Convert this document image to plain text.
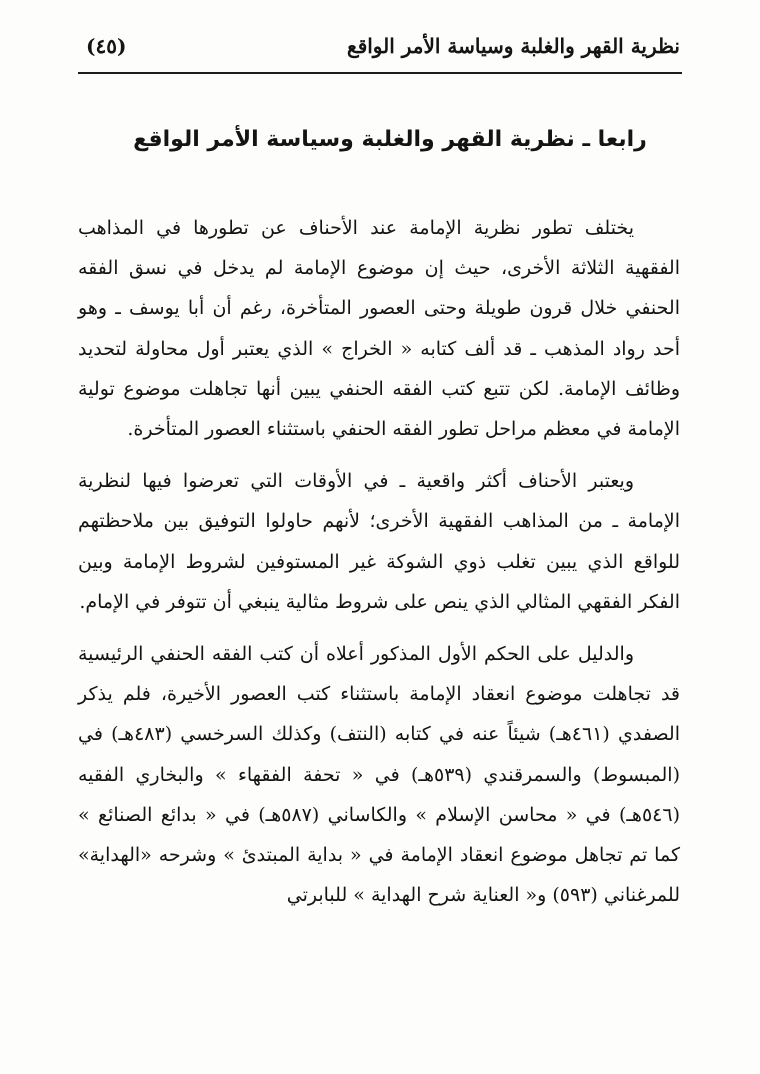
نظرية القهر والغلبة وسياسة الأمر الواقع
(٤٥)
رابعا ـ نظرية القهر والغلبة وسياسة الأمر الواقع

يختلف تطور نظرية الإمامة عند الأحناف عن تطورها في المذاهب الفقهية الثلاثة الأخرى، حيث إن موضوع الإمامة لم يدخل في نسق الفقه الحنفي خلال قرون طويلة وحتى العصور المتأخرة، رغم أن أبا يوسف ـ وهو أحد رواد المذهب ـ قد ألف كتابه « الخراج » الذي يعتبر أول محاولة لتحديد وظائف الإمامة. لكن تتبع كتب الفقه الحنفي يبين أنها تجاهلت موضوع تولية الإمامة في معظم مراحل تطور الفقه الحنفي باستثناء العصور المتأخرة.

ويعتبر الأحناف أكثر واقعية ـ في الأوقات التي تعرضوا فيها لنظرية الإمامة ـ من المذاهب الفقهية الأخرى؛ لأنهم حاولوا التوفيق بين ملاحظتهم للواقع الذي يبين تغلب ذوي الشوكة غير المستوفين لشروط الإمامة وبين الفكر الفقهي المثالي الذي ينص على شروط مثالية ينبغي أن تتوفر في الإمام.

والدليل على الحكم الأول المذكور أعلاه أن كتب الفقه الحنفي الرئيسية قد تجاهلت موضوع انعقاد الإمامة باستثناء كتب العصور الأخيرة، فلم يذكر الصفدي (٤٦١هـ) شيئاً عنه في كتابه (النتف) وكذلك السرخسي (٤٨٣هـ) في (المبسوط) والسمرقندي (٥٣٩هـ) في « تحفة الفقهاء » والبخاري الفقيه (٥٤٦هـ) في « محاسن الإسلام » والكاساني (٥٨٧هـ) في « بدائع الصنائع » كما تم تجاهل موضوع انعقاد الإمامة في « بداية المبتدئ » وشرحه «الهداية» للمرغناني (٥٩٣) و« العناية شرح الهداية » للبابرتي
